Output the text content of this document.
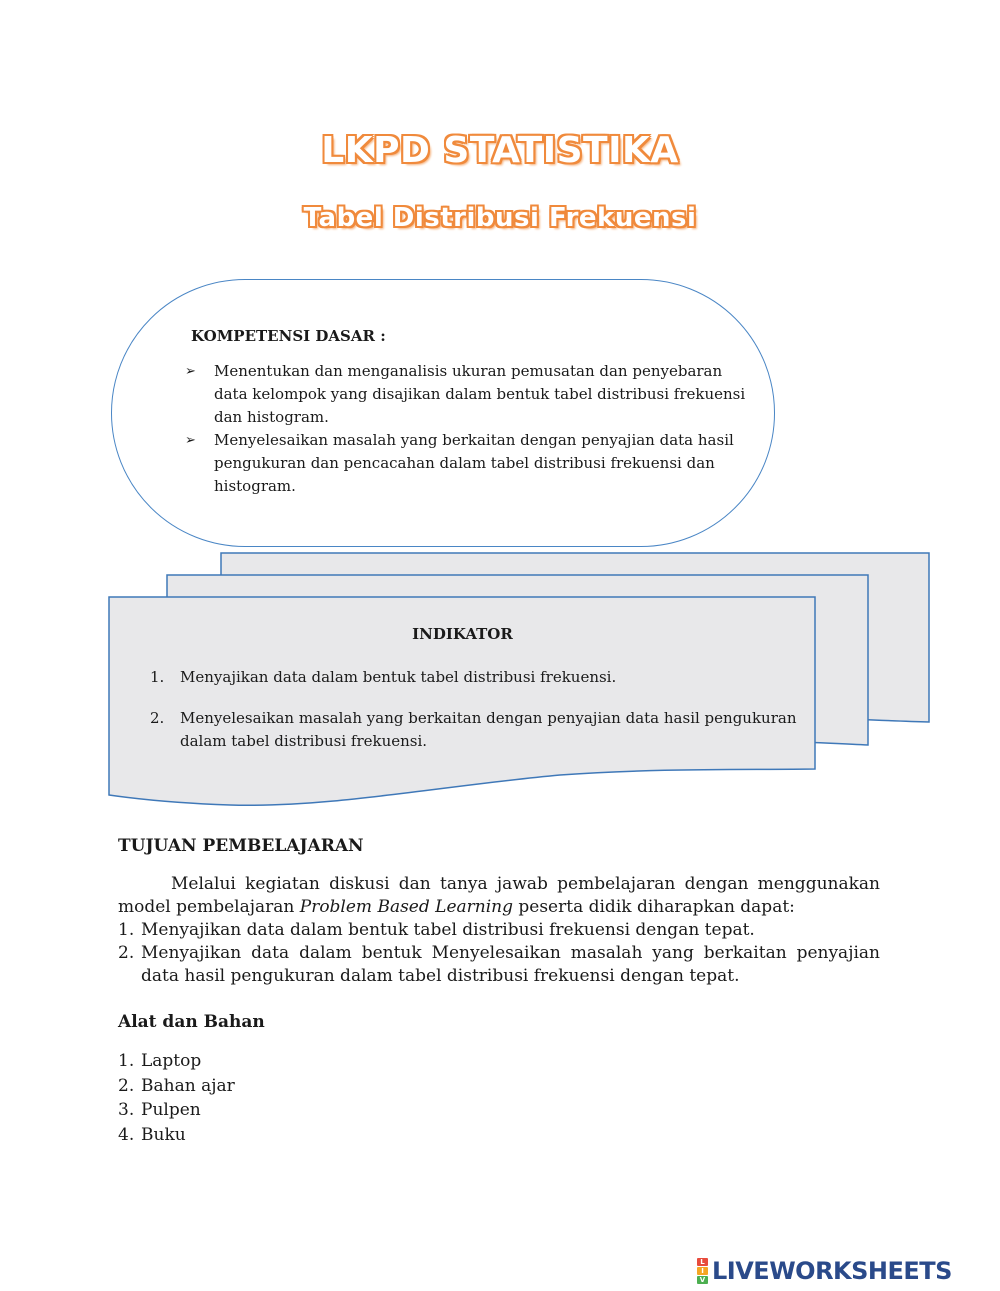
LKPD STATISTIKA
Tabel Distribusi Frekuensi
KOMPETENSI DASAR :
➢ Menentukan dan menganalisis ukuran pemusatan dan penyebaran data kelompok yang disajikan dalam bentuk tabel distribusi frekuensi dan histogram.
➢ Menyelesaikan masalah yang berkaitan dengan penyajian data hasil pengukuran dan pencacahan dalam tabel distribusi frekuensi dan histogram.
INDIKATOR
1. Menyajikan data dalam bentuk tabel distribusi frekuensi.
2. Menyelesaikan masalah yang berkaitan dengan penyajian data hasil pengukuran dalam tabel distribusi frekuensi.
TUJUAN PEMBELAJARAN

Melalui kegiatan diskusi dan tanya jawab pembelajaran dengan menggunakan model pembelajaran Problem Based Learning peserta didik diharapkan dapat:

1. Menyajikan data dalam bentuk tabel distribusi frekuensi dengan tepat.
2. Menyajikan data dalam bentuk Menyelesaikan masalah yang berkaitan penyajian data hasil pengukuran dalam tabel distribusi frekuensi dengan tepat.
Alat dan Bahan
1. Laptop
2. Bahan ajar
3. Pulpen
4. Buku
L
I
V LIVEWORKSHEETS
